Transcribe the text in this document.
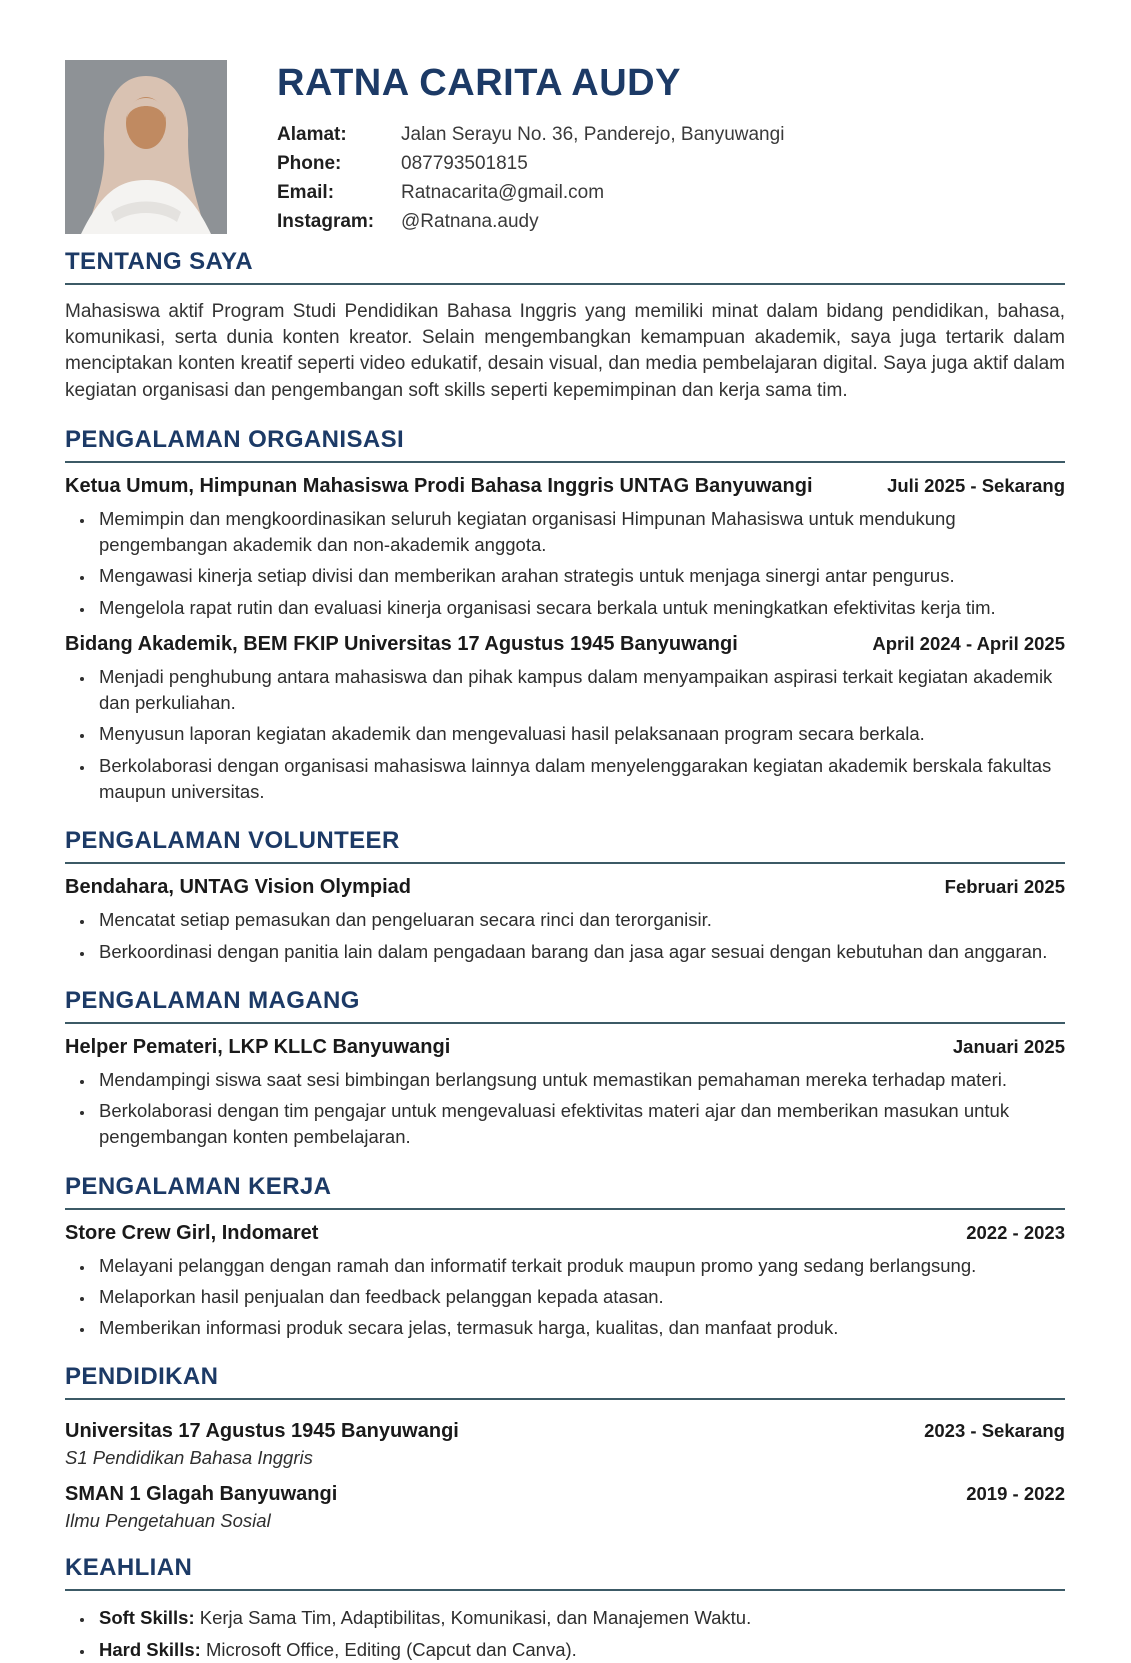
RATNA CARITA AUDY
Alamat:	Jalan Serayu No. 36, Panderejo, Banyuwangi
Phone:	087793501815
Email:	Ratnacarita@gmail.com
Instagram:	@Ratnana.audy
TENTANG SAYA

Mahasiswa aktif Program Studi Pendidikan Bahasa Inggris yang memiliki minat dalam bidang pendidikan, bahasa, komunikasi, serta dunia konten kreator. Selain mengembangkan kemampuan akademik, saya juga tertarik dalam menciptakan konten kreatif seperti video edukatif, desain visual, dan media pembelajaran digital. Saya juga aktif dalam kegiatan organisasi dan pengembangan soft skills seperti kepemimpinan dan kerja sama tim.

PENGALAMAN ORGANISASI
Ketua Umum, Himpunan Mahasiswa Prodi Bahasa Inggris UNTAG Banyuwangi	Juli 2025 - Sekarang
• Memimpin dan mengkoordinasikan seluruh kegiatan organisasi Himpunan Mahasiswa untuk mendukung pengembangan akademik dan non-akademik anggota.
• Mengawasi kinerja setiap divisi dan memberikan arahan strategis untuk menjaga sinergi antar pengurus.
• Mengelola rapat rutin dan evaluasi kinerja organisasi secara berkala untuk meningkatkan efektivitas kerja tim.
Bidang Akademik, BEM FKIP Universitas 17 Agustus 1945 Banyuwangi	April 2024 - April 2025
• Menjadi penghubung antara mahasiswa dan pihak kampus dalam menyampaikan aspirasi terkait kegiatan akademik dan perkuliahan.
• Menyusun laporan kegiatan akademik dan mengevaluasi hasil pelaksanaan program secara berkala.
• Berkolaborasi dengan organisasi mahasiswa lainnya dalam menyelenggarakan kegiatan akademik berskala fakultas maupun universitas.
PENGALAMAN VOLUNTEER
Bendahara, UNTAG Vision Olympiad	Februari 2025
• Mencatat setiap pemasukan dan pengeluaran secara rinci dan terorganisir.
• Berkoordinasi dengan panitia lain dalam pengadaan barang dan jasa agar sesuai dengan kebutuhan dan anggaran.
PENGALAMAN MAGANG
Helper Pemateri, LKP KLLC Banyuwangi	Januari 2025
• Mendampingi siswa saat sesi bimbingan berlangsung untuk memastikan pemahaman mereka terhadap materi.
• Berkolaborasi dengan tim pengajar untuk mengevaluasi efektivitas materi ajar dan memberikan masukan untuk pengembangan konten pembelajaran.
PENGALAMAN KERJA
Store Crew Girl, Indomaret	2022 - 2023
• Melayani pelanggan dengan ramah dan informatif terkait produk maupun promo yang sedang berlangsung.
• Melaporkan hasil penjualan dan feedback pelanggan kepada atasan.
• Memberikan informasi produk secara jelas, termasuk harga, kualitas, dan manfaat produk.
PENDIDIKAN
Universitas 17 Agustus 1945 Banyuwangi	2023 - Sekarang
S1 Pendidikan Bahasa Inggris
SMAN 1 Glagah Banyuwangi	2019 - 2022
Ilmu Pengetahuan Sosial
KEAHLIAN
• Soft Skills: Kerja Sama Tim, Adaptibilitas, Komunikasi, dan Manajemen Waktu.
• Hard Skills: Microsoft Office, Editing (Capcut dan Canva).
